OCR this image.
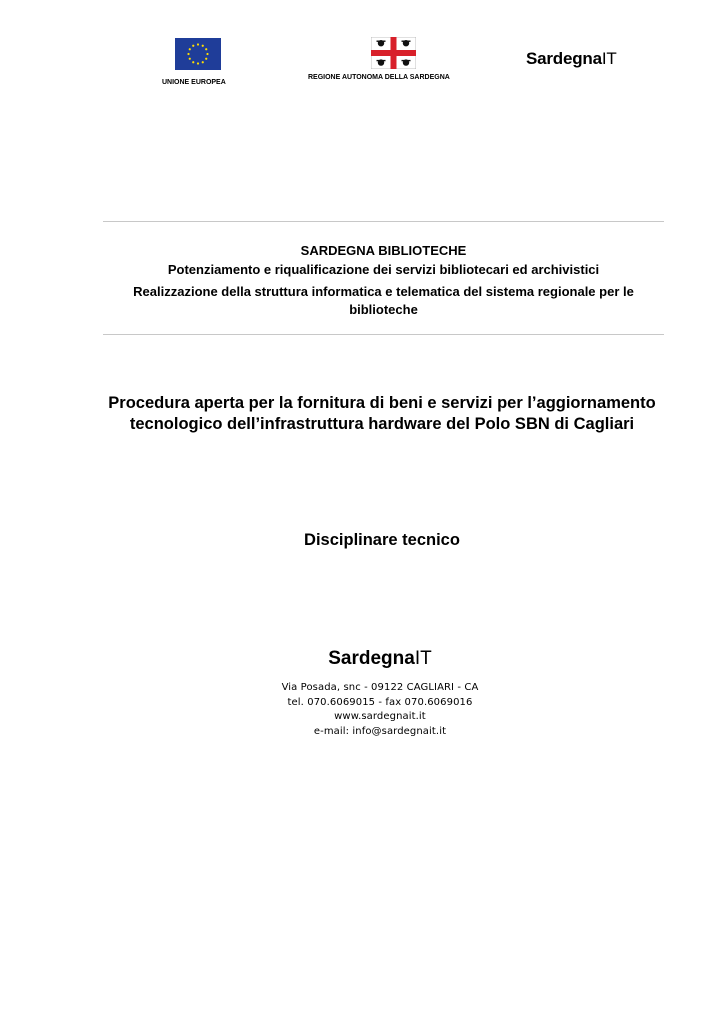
UNIONE EUROPEA
REGIONE AUTONOMA DELLA SARDEGNA
SardegnaIT
SARDEGNA BIBLIOTECHE
Potenziamento e riqualificazione dei servizi bibliotecari ed archivistici
Realizzazione della struttura informatica e telematica del sistema regionale per le biblioteche
Procedura aperta per la fornitura di beni e servizi per l’aggiornamento tecnologico dell’infrastruttura hardware del Polo SBN di Cagliari
Disciplinare tecnico
SardegnaIT
Via Posada, snc - 09122 CAGLIARI - CA
tel. 070.6069015 - fax 070.6069016
www.sardegnait.it
e-mail: info@sardegnait.it
